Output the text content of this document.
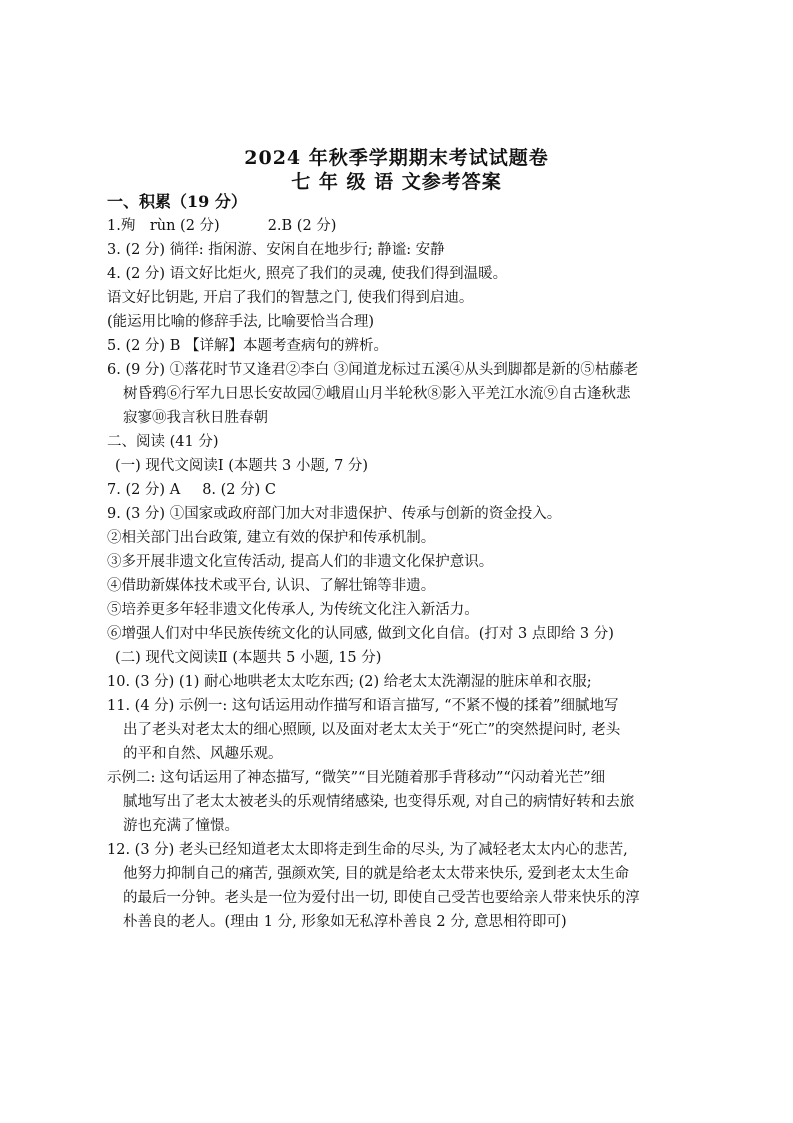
2024 年秋季学期期末考试试题卷
七 年 级 语 文参考答案
一、积累（19 分）
1.殉　rùn (2 分)	2.B (2 分)
3. (2 分) 徜徉: 指闲游、安闲自在地步行; 静谧: 安静
4. (2 分) 语文好比炬火, 照亮了我们的灵魂, 使我们得到温暖。
语文好比钥匙, 开启了我们的智慧之门, 使我们得到启迪。
(能运用比喻的修辞手法, 比喻要恰当合理)
5. (2 分) B 【详解】本题考查病句的辨析。
6. (9 分) ①落花时节又逢君②李白 ③闻道龙标过五溪④从头到脚都是新的⑤枯藤老
树昏鸦⑥行军九日思长安故园⑦峨眉山月半轮秋⑧影入平羌江水流⑨自古逢秋悲
寂寥⑩我言秋日胜春朝
二、阅读 (41 分)
(一) 现代文阅读Ⅰ (本题共 3 小题, 7 分)
7. (2 分) A 8. (2 分) C
9. (3 分) ①国家或政府部门加大对非遗保护、传承与创新的资金投入。
②相关部门出台政策, 建立有效的保护和传承机制。
③多开展非遗文化宣传活动, 提高人们的非遗文化保护意识。
④借助新媒体技术或平台, 认识、了解壮锦等非遗。
⑤培养更多年轻非遗文化传承人, 为传统文化注入新活力。
⑥增强人们对中华民族传统文化的认同感, 做到文化自信。(打对 3 点即给 3 分)
(二) 现代文阅读Ⅱ (本题共 5 小题, 15 分)
10. (3 分) (1) 耐心地哄老太太吃东西; (2) 给老太太洗潮湿的脏床单和衣服;
11. (4 分) 示例一: 这句话运用动作描写和语言描写, “不紧不慢的揉着”细腻地写
出了老头对老太太的细心照顾, 以及面对老太太关于“死亡”的突然提问时, 老头
的平和自然、风趣乐观。
示例二: 这句话运用了神态描写, “微笑”“目光随着那手背移动”“闪动着光芒”细
腻地写出了老太太被老头的乐观情绪感染, 也变得乐观, 对自己的病情好转和去旅
游也充满了憧憬。
12. (3 分) 老头已经知道老太太即将走到生命的尽头, 为了减轻老太太内心的悲苦,
他努力抑制自己的痛苦, 强颜欢笑, 目的就是给老太太带来快乐, 爱到老太太生命
的最后一分钟。老头是一位为爱付出一切, 即使自己受苦也要给亲人带来快乐的淳
朴善良的老人。(理由 1 分, 形象如无私淳朴善良 2 分, 意思相符即可)
